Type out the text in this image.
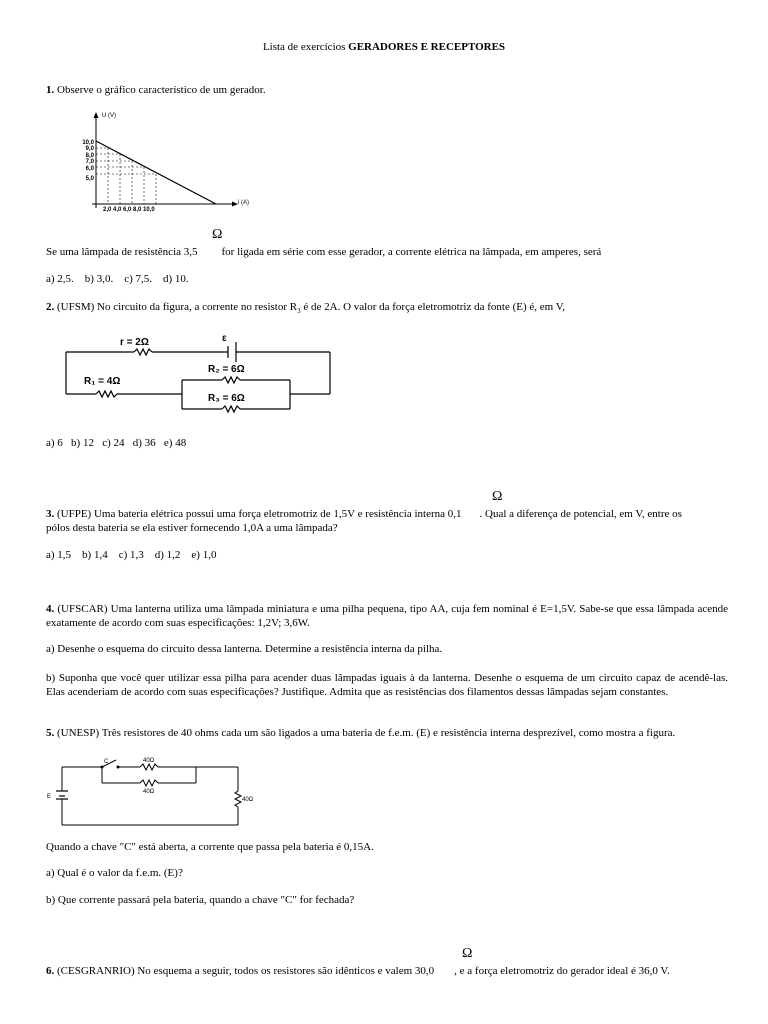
Lista de exercícios GERADORES E RECEPTORES
1. Observe o gráfico característico de um gerador.
U (V)
i (A)
10,0
9,0
8,0
7,0
6,0
5,0
2,0 4,0 6,0 8,0 10,0
Ω
Se uma lâmpada de resistência 3,5 for ligada em série com esse gerador, a corrente elétrica na lâmpada, em amperes, será
a) 2,5.    b) 3,0.    c) 7,5.    d) 10.
2. (UFSM) No circuito da figura, a corrente no resistor $R_3$ é de 2A. O valor da força eletromotriz da fonte (E) é, em V,
r = 2Ω	ε
R₁ = 4Ω
R₂ = 6Ω
R₃ = 6Ω
a) 6   b) 12   c) 24   d) 36   e) 48
Ω
3. (UFPE) Uma bateria elétrica possui uma força eletromotriz de 1,5V e resistência interna 0,1 . Qual a diferença de potencial, em V, entre os
pólos desta bateria se ela estiver fornecendo 1,0A a uma lâmpada?
a) 1,5    b) 1,4    c) 1,3    d) 1,2    e) 1,0
4. (UFSCAR) Uma lanterna utiliza uma lâmpada miniatura e uma pilha pequena, tipo AA, cuja fem nominal é E=1,5V. Sabe-se que essa lâmpada acende exatamente de acordo com suas especificações: 1,2V; 3,6W.
a) Desenhe o esquema do circuito dessa lanterna. Determine a resistência interna da pilha.
b) Suponha que você quer utilizar essa pilha para acender duas lâmpadas iguais à da lanterna. Desenhe o esquema de um circuito capaz de acendê-las. Elas acenderiam de acordo com suas especificações? Justifique. Admita que as resistências dos filamentos dessas lâmpadas sejam constantes.
5. (UNESP) Três resistores de 40 ohms cada um são ligados a uma bateria de f.e.m. (E) e resistência interna desprezível, como mostra a figura.
C	40Ω
40Ω
40Ω
E
Quando a chave "C" está aberta, a corrente que passa pela bateria é 0,15A.
a) Qual é o valor da f.e.m. (E)?
b) Que corrente passará pela bateria, quando a chave "C" for fechada?
Ω
6. (CESGRANRIO) No esquema a seguir, todos os resistores são idênticos e valem 30,0 , e a força eletromotriz do gerador ideal é 36,0 V.
